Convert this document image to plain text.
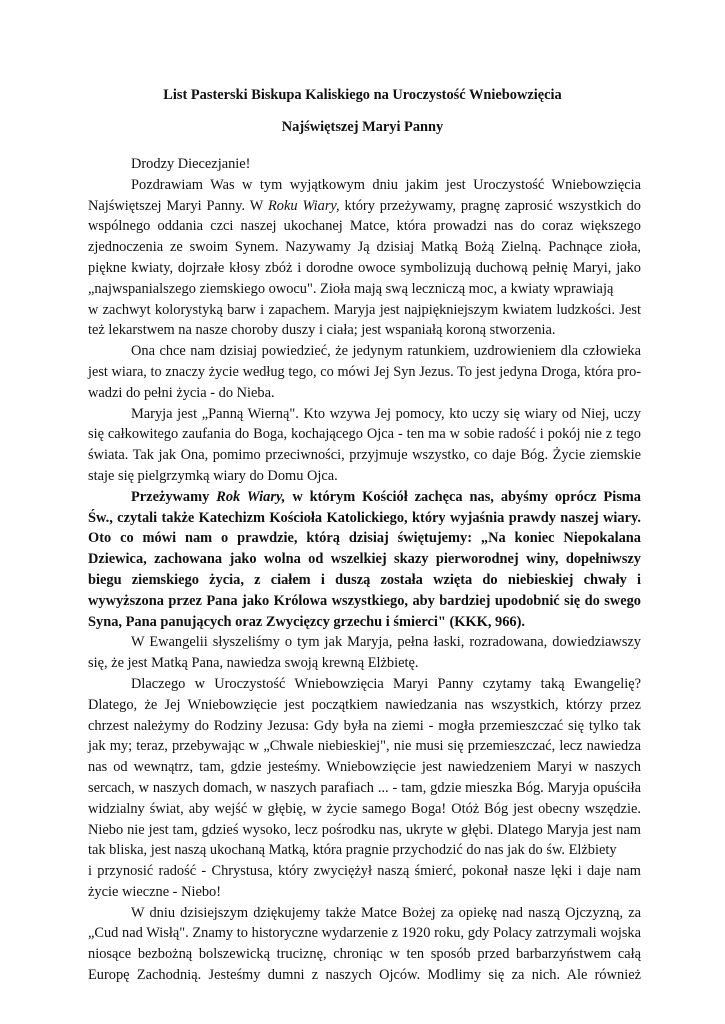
List Pasterski Biskupa Kaliskiego na Uroczystość Wniebowzięcia
Najświętszej Maryi Panny
Drodzy Diecezjanie!
Pozdrawiam Was w tym wyjątkowym dniu jakim jest Uroczystość Wniebowzięcia
Najświętszej Maryi Panny. W Roku Wiary, który przeżywamy, pragnę zaprosić wszystkich do
wspólnego oddania czci naszej ukochanej Matce, która prowadzi nas do coraz większego
zjednoczenia ze swoim Synem. Nazywamy Ją dzisiaj Matką Bożą Zielną. Pachnące zioła,
piękne kwiaty, dojrzałe kłosy zbóż i dorodne owoce symbolizują duchową pełnię Maryi, jako
„najwspanialszego ziemskiego owocu". Zioła mają swą leczniczą moc, a kwiaty wprawiają
w zachwyt kolorystyką barw i zapachem. Maryja jest najpiękniejszym kwiatem ludzkości. Jest
też lekarstwem na nasze choroby duszy i ciała; jest wspaniałą koroną stworzenia.
Ona chce nam dzisiaj powiedzieć, że jedynym ratunkiem, uzdrowieniem dla człowieka
jest wiara, to znaczy życie według tego, co mówi Jej Syn Jezus. To jest jedyna Droga, która pro-
wadzi do pełni życia - do Nieba.
Maryja jest „Panną Wierną". Kto wzywa Jej pomocy, kto uczy się wiary od Niej, uczy
się całkowitego zaufania do Boga, kochającego Ojca - ten ma w sobie radość i pokój nie z tego
świata. Tak jak Ona, pomimo przeciwności, przyjmuje wszystko, co daje Bóg. Życie ziemskie
staje się pielgrzymką wiary do Domu Ojca.
Przeżywamy Rok Wiary, w którym Kościół zachęca nas, abyśmy oprócz Pisma
Św., czytali także Katechizm Kościoła Katolickiego, który wyjaśnia prawdy naszej wiary.
Oto co mówi nam o prawdzie, którą dzisiaj świętujemy: „Na koniec Niepokalana
Dziewica, zachowana jako wolna od wszelkiej skazy pierworodnej winy, dopełniwszy
biegu ziemskiego życia, z ciałem i duszą została wzięta do niebieskiej chwały i
wywyższona przez Pana jako Królowa wszystkiego, aby bardziej upodobnić się do swego
Syna, Pana panujących oraz Zwycięzcy grzechu i śmierci" (KKK, 966).
W Ewangelii słyszeliśmy o tym jak Maryja, pełna łaski, rozradowana, dowiedziawszy
się, że jest Matką Pana, nawiedza swoją krewną Elżbietę.
Dlaczego w Uroczystość Wniebowzięcia Maryi Panny czytamy taką Ewangelię?
Dlatego, że Jej Wniebowzięcie jest początkiem nawiedzania nas wszystkich, którzy przez
chrzest należymy do Rodziny Jezusa: Gdy była na ziemi - mogła przemieszczać się tylko tak
jak my; teraz, przebywając w „Chwale niebieskiej", nie musi się przemieszczać, lecz nawiedza
nas od wewnątrz, tam, gdzie jesteśmy. Wniebowzięcie jest nawiedzeniem Maryi w naszych
sercach, w naszych domach, w naszych parafiach ... - tam, gdzie mieszka Bóg. Maryja opuściła
widzialny świat, aby wejść w głębię, w życie samego Boga! Otóż Bóg jest obecny wszędzie.
Niebo nie jest tam, gdzieś wysoko, lecz pośrodku nas, ukryte w głębi. Dlatego Maryja jest nam
tak bliska, jest naszą ukochaną Matką, która pragnie przychodzić do nas jak do św. Elżbiety
i przynosić radość - Chrystusa, który zwyciężył naszą śmierć, pokonał nasze lęki i daje nam
życie wieczne - Niebo!
W dniu dzisiejszym dziękujemy także Matce Bożej za opiekę nad naszą Ojczyzną, za
„Cud nad Wisłą". Znamy to historyczne wydarzenie z 1920 roku, gdy Polacy zatrzymali wojska
niosące bezbożną bolszewicką truciznę, chroniąc w ten sposób przed barbarzyństwem całą
Europę Zachodnią. Jesteśmy dumni z naszych Ojców. Modlimy się za nich. Ale również
